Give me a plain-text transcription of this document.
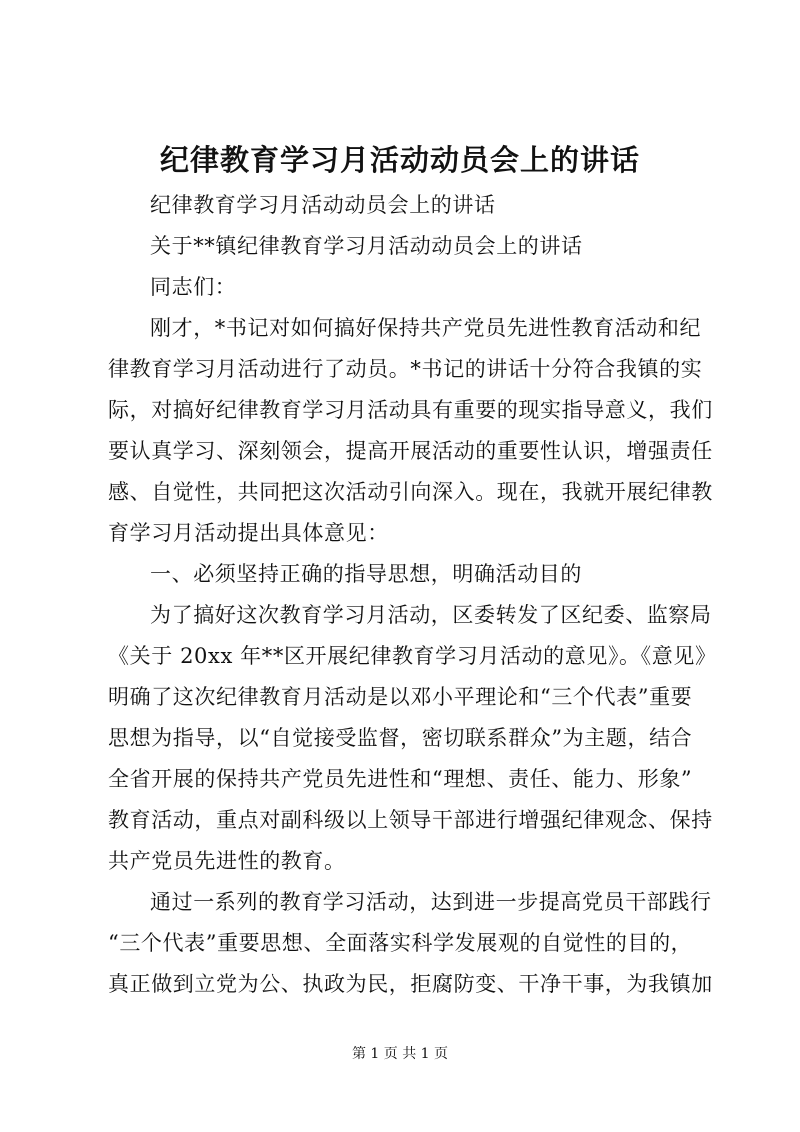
纪律教育学习月活动动员会上的讲话
纪律教育学习月活动动员会上的讲话
关于**镇纪律教育学习月活动动员会上的讲话
同志们：
刚才，*书记对如何搞好保持共产党员先进性教育活动和纪
律教育学习月活动进行了动员。*书记的讲话十分符合我镇的实
际，对搞好纪律教育学习月活动具有重要的现实指导意义，我们
要认真学习、深刻领会，提高开展活动的重要性认识，增强责任
感、自觉性，共同把这次活动引向深入。现在，我就开展纪律教
育学习月活动提出具体意见：
一、必须坚持正确的指导思想，明确活动目的
为了搞好这次教育学习月活动，区委转发了区纪委、监察局
《关于 20xx 年**区开展纪律教育学习月活动的意见》。《意见》
明确了这次纪律教育月活动是以邓小平理论和“三个代表”重要
思想为指导，以“自觉接受监督，密切联系群众”为主题，结合
全省开展的保持共产党员先进性和“理想、责任、能力、形象”
教育活动，重点对副科级以上领导干部进行增强纪律观念、保持
共产党员先进性的教育。
通过一系列的教育学习活动，达到进一步提高党员干部践行
“三个代表”重要思想、全面落实科学发展观的自觉性的目的，
真正做到立党为公、执政为民，拒腐防变、干净干事，为我镇加
第 1 页 共 1 页
